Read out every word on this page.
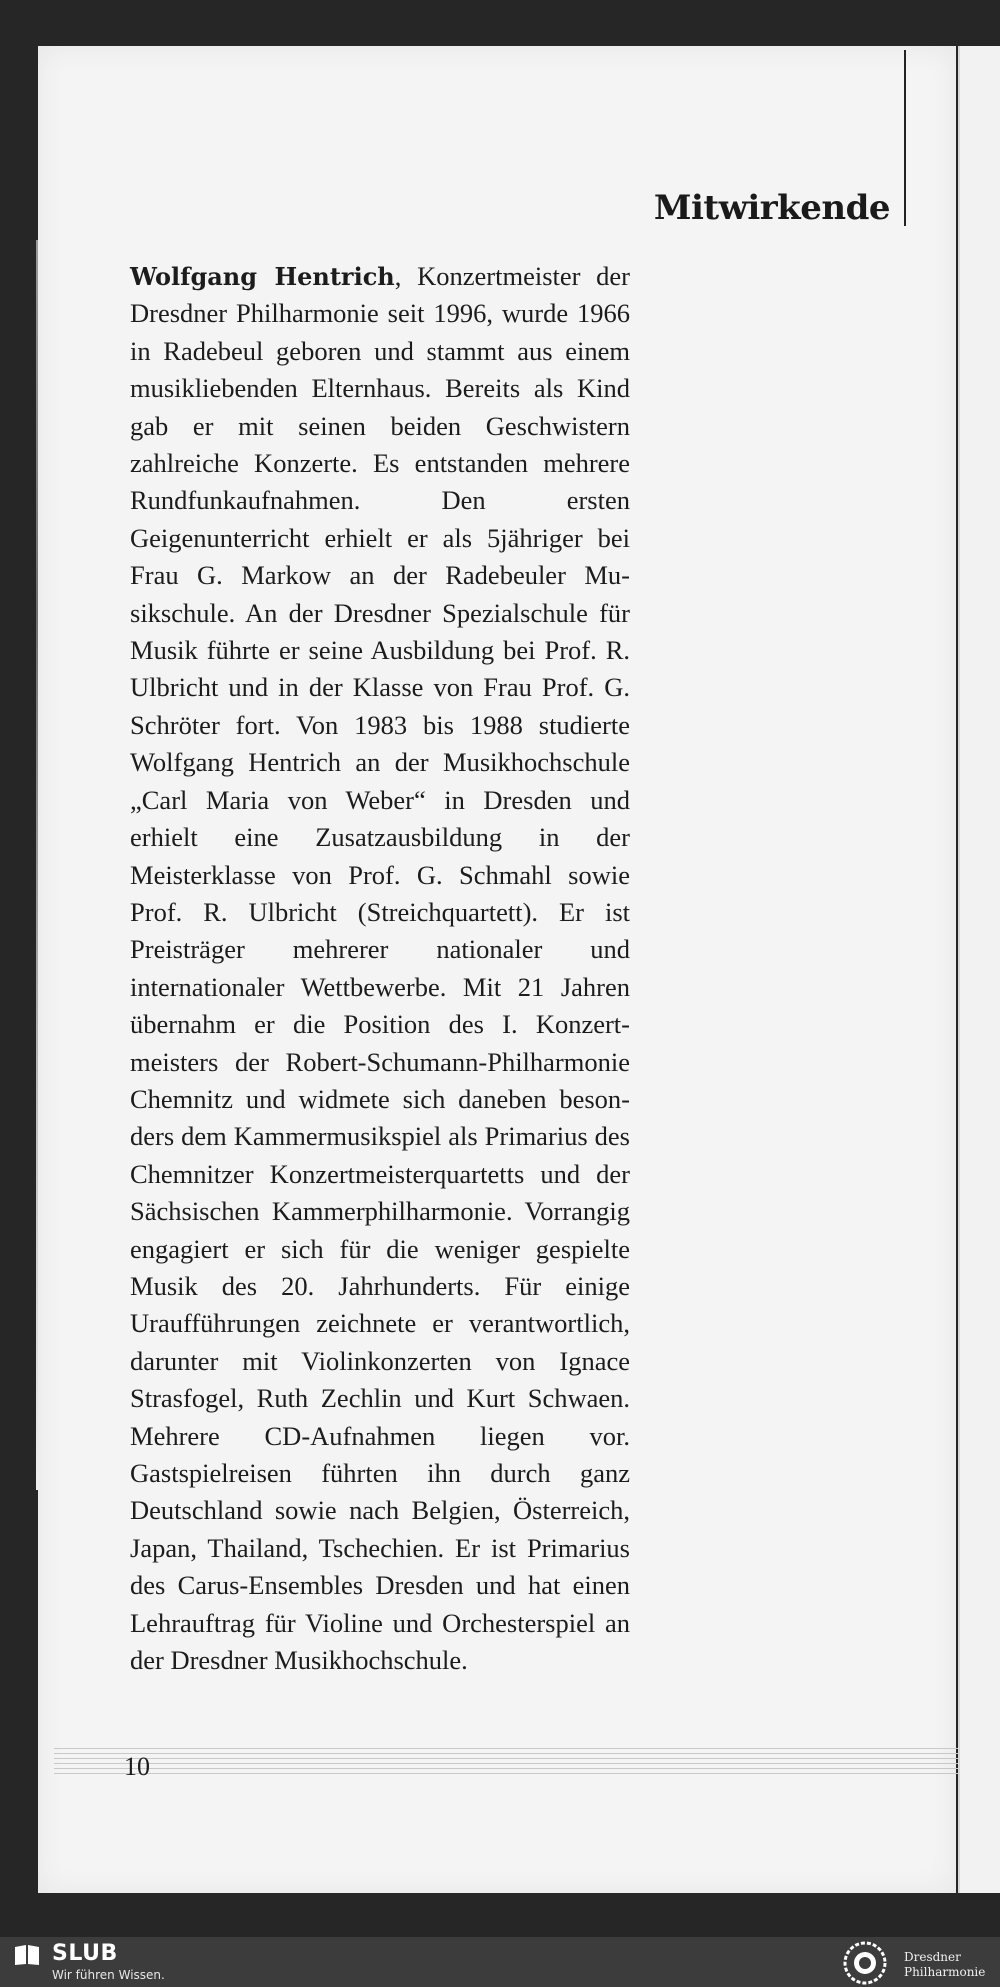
Mitwirkende

Wolfgang Hentrich, Konzertmeister der Dresdner Philharmonie seit 1996, wurde 1966 in Radebeul geboren und stammt aus einem musikliebenden Elternhaus. Bereits als Kind gab er mit seinen beiden Geschwistern zahlreiche Konzerte. Es entstanden mehrere Rundfunkaufnahmen. Den ersten Geigenunterricht erhielt er als 5jähriger bei Frau G. Markow an der Radebeuler Musikschule. An der Dresdner Spezialschule für Musik führte er seine Ausbildung bei Prof. R. Ulbricht und in der Klasse von Frau Prof. G. Schröter fort. Von 1983 bis 1988 studierte Wolfgang Hentrich an der Musikhochschule „Carl Maria von Weber“ in Dresden und erhielt eine Zusatzausbildung in der Meisterklasse von Prof. G. Schmahl sowie Prof. R. Ulbricht (Streichquartett). Er ist Preisträger mehrerer nationaler und internationaler Wettbewerbe. Mit 21 Jahren übernahm er die Position des I. Konzertmeisters der Robert-Schumann-Philharmonie Chemnitz und widmete sich daneben besonders dem Kammermusikspiel als Primarius des Chemnitzer Konzertmeisterquartetts und der Sächsischen Kammerphilharmonie. Vorrangig engagiert er sich für die weniger gespielte Musik des 20. Jahrhunderts. Für einige Uraufführungen zeichnete er verantwortlich, darunter mit Violinkonzerten von Ignace Strasfogel, Ruth Zechlin und Kurt Schwaen. Mehrere CD-Aufnahmen liegen vor. Gastspielreisen führten ihn durch ganz Deutschland sowie nach Belgien, Österreich, Japan, Thailand, Tschechien. Er ist Primarius des Carus-Ensembles Dresden und hat einen Lehrauftrag für Violine und Orchesterspiel an der Dresdner Musikhochschule.

10
SLUB
Wir führen Wissen.
Dresdner
Philharmonie
